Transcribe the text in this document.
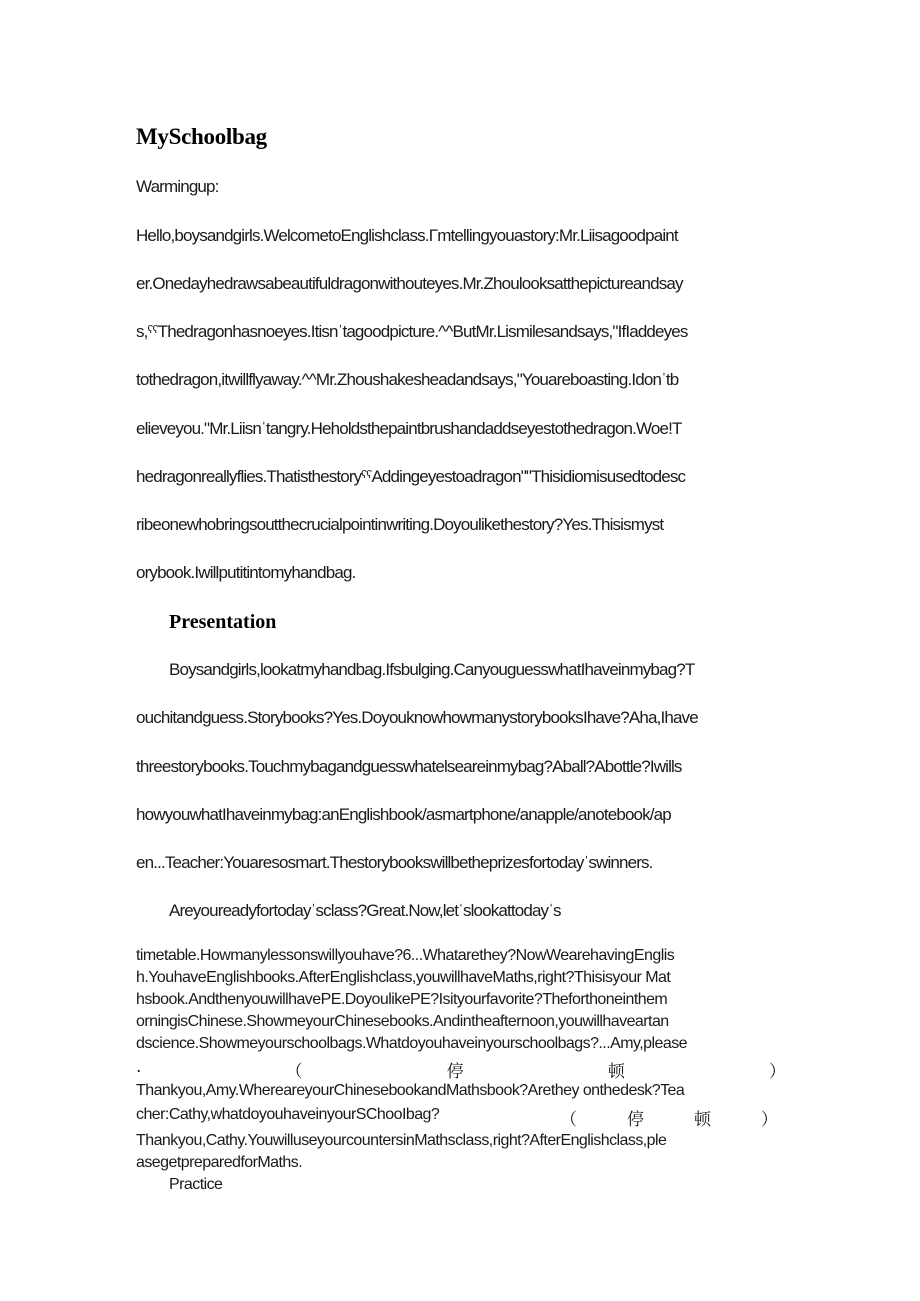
MySchoolbag
Warmingup:
Hello,boysandgirls.WelcometoEnglishclass.Γmtellingyouastory:Mr.Liisagoodpaint
er.Onedayhedrawsabeautifuldragonwithouteyes.Mr.Zhoulooksatthepictureandsay
s,ˁˁThedragonhasnoeyes.Itisnˈtagoodpicture.^^ButMr.Lismilesandsays,"IfIaddeyes
tothedragon,itwillflyaway.^^Mr.Zhoushakesheadandsays,"Youareboasting.Idonˈtb
elieveyou."Mr.Liisnˈtangry.Heholdsthepaintbrushandaddseyestothedragon.Woe!T
hedragonreallyflies.ThatisthestoryˁˁAddingeyestoadragonʺʺThisidiomisusedtodesc
ribeonewhobringsoutthecrucialpointinwriting.Doyoulikethestory?Yes.Thisismyst
orybook.Iwillputitintomyhandbag.
Presentation
Boysandgirls,lookatmyhandbag.Ifsbulging.CanyouguesswhatIhaveinmybag?T
ouchitandguess.Storybooks?Yes.DoyouknowhowmanystorybooksIhave?Aha,Ihave
threestorybooks.Touchmybagandguesswhatelseareinmybag?Aball?Abottle?Iwills
howyouwhatIhaveinmybag:anEnglishbook/asmartphone/anapple/anotebook/ap
en...Teacher:Youaresosmart.Thestorybookswillbetheprizesfortodayˈswinners.
Areyoureadyfortodayˈsclass?Great.Now,letˈslookattodayˈs
timetable.Howmanylessonswillyouhave?6...Whatarethey?NowWearehavingEnglis
h.YouhaveEnglishbooks.AfterEnglishclass,youwillhaveMaths,right?Thisisyour Mat
hsbook.AndthenyouwillhavePE.DoyoulikePE?Isityourfavorite?Theforthoneinthem
orningisChinese.ShowmeyourChinesebooks.Andintheafternoon,youwillhaveartan
dscience.Showmeyourschoolbags.Whatdoyouhaveinyourschoolbags?...Amy,please
.	（	停	顿	）
Thankyou,Amy.WhereareyourChinesebookandMathsbook?Arethey onthedesk?Tea
cher:Cathy,whatdoyouhaveinyourSChooIbag?	（	停	顿	）
Thankyou,Cathy.YouwilluseyourcountersinMathsclass,right?AfterEnglishclass,ple
asegetpreparedforMaths.
Practice
